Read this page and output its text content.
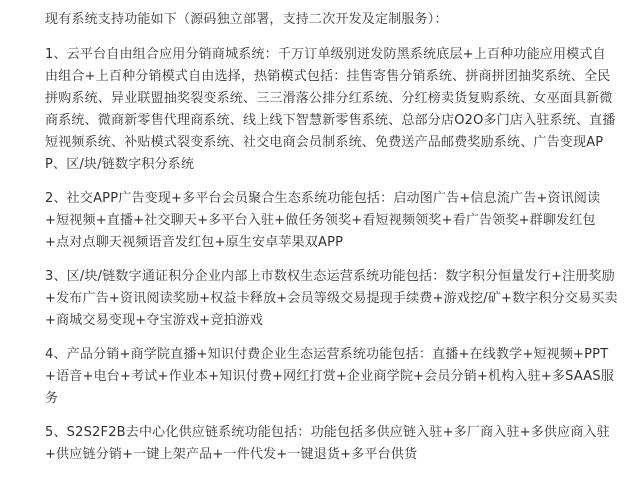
现有系统支持功能如下（源码独立部署，支持二次开发及定制服务）：

1、云平台自由组合应用分销商城系统：千万订单级别迸发防黑系统底层+上百种功能应用模式自由组合+上百种分销模式自由选择，热销模式包括：挂售寄售分销系统、拼商拼团抽奖系统、全民拼购系统、异业联盟抽奖裂变系统、三三滑落公排分红系统、分红榜卖货复购系统、女巫面具新微商系统、微商新零售代理商系统、线上线下智慧新零售系统、总部分店O2O多门店入驻系统、直播短视频系统、补贴模式裂变系统、社交电商会员制系统、免费送产品邮费奖励系统、广告变现APP、区/块/链数字积分系统

2、社交APP广告变现+多平台会员聚合生态系统功能包括：启动图广告+信息流广告+资讯阅读+短视频+直播+社交聊天+多平台入驻+做任务领奖+看短视频领奖+看广告领奖+群聊发红包+点对点聊天视频语音发红包+原生安卓苹果双APP

3、区/块/链数字通证积分企业内部上市数权生态运营系统功能包括：数字积分恒量发行+注册奖励+发布广告+资讯阅读奖励+权益卡释放+会员等级交易提现手续费+游戏挖/矿+数字积分交易买卖+商城交易变现+夺宝游戏+竞拍游戏

4、产品分销+商学院直播+知识付费企业生态运营系统功能包括：直播+在线教学+短视频+PPT+语音+电台+考试+作业本+知识付费+网红打赏+企业商学院+会员分销+机构入驻+多SAAS服务

5、S2S2F2B去中心化供应链系统功能包括：功能包括多供应链入驻+多厂商入驻+多供应商入驻+供应链分销+一键上架产品+一件代发+一键退货+多平台供货
